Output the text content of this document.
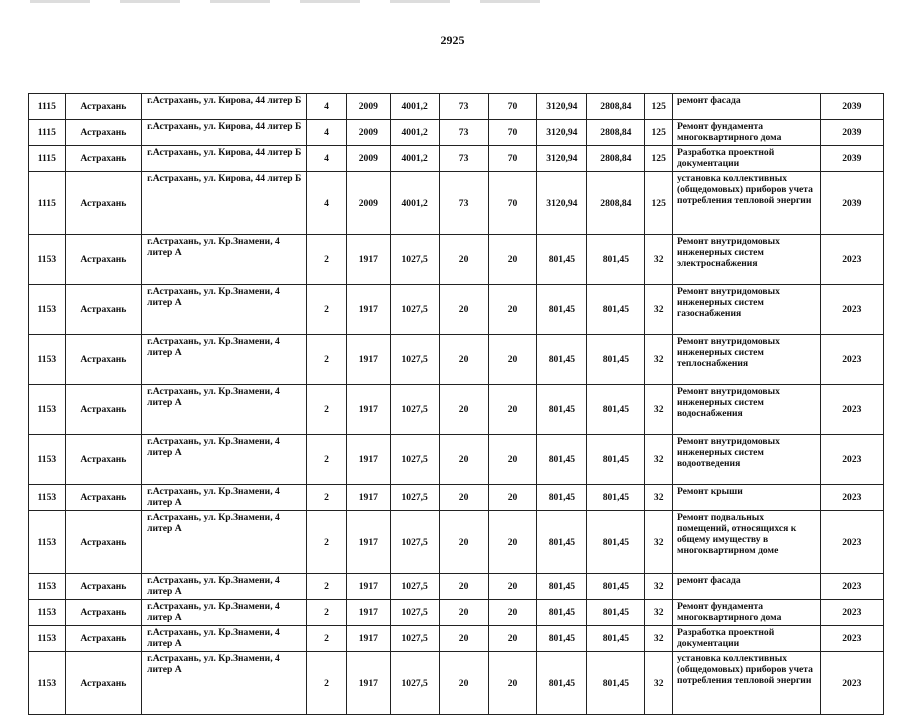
2925
1115	Астрахань	г.Астрахань, ул. Кирова, 44 литер Б	4	2009	4001,2	73	70	3120,94	2808,84	125	ремонт фасада	2039
1115	Астрахань	г.Астрахань, ул. Кирова, 44 литер Б	4	2009	4001,2	73	70	3120,94	2808,84	125	Ремонт фундамента многоквартирного дома	2039
1115	Астрахань	г.Астрахань, ул. Кирова, 44 литер Б	4	2009	4001,2	73	70	3120,94	2808,84	125	Разработка проектной документации	2039
1115	Астрахань	г.Астрахань, ул. Кирова, 44 литер Б	4	2009	4001,2	73	70	3120,94	2808,84	125	установка коллективных (общедомовых) приборов учета потребления тепловой энергии	2039
1153	Астрахань	г.Астрахань, ул. Кр.Знамени, 4 литер А	2	1917	1027,5	20	20	801,45	801,45	32	Ремонт внутридомовых инженерных систем электроснабжения	2023
1153	Астрахань	г.Астрахань, ул. Кр.Знамени, 4 литер А	2	1917	1027,5	20	20	801,45	801,45	32	Ремонт внутридомовых инженерных систем газоснабжения	2023
1153	Астрахань	г.Астрахань, ул. Кр.Знамени, 4 литер А	2	1917	1027,5	20	20	801,45	801,45	32	Ремонт внутридомовых инженерных систем теплоснабжения	2023
1153	Астрахань	г.Астрахань, ул. Кр.Знамени, 4 литер А	2	1917	1027,5	20	20	801,45	801,45	32	Ремонт внутридомовых инженерных систем водоснабжения	2023
1153	Астрахань	г.Астрахань, ул. Кр.Знамени, 4 литер А	2	1917	1027,5	20	20	801,45	801,45	32	Ремонт внутридомовых инженерных систем водоотведения	2023
1153	Астрахань	г.Астрахань, ул. Кр.Знамени, 4 литер А	2	1917	1027,5	20	20	801,45	801,45	32	Ремонт крыши	2023
1153	Астрахань	г.Астрахань, ул. Кр.Знамени, 4 литер А	2	1917	1027,5	20	20	801,45	801,45	32	Ремонт подвальных помещений, относящихся к общему имуществу в многоквартирном доме	2023
1153	Астрахань	г.Астрахань, ул. Кр.Знамени, 4 литер А	2	1917	1027,5	20	20	801,45	801,45	32	ремонт фасада	2023
1153	Астрахань	г.Астрахань, ул. Кр.Знамени, 4 литер А	2	1917	1027,5	20	20	801,45	801,45	32	Ремонт фундамента многоквартирного дома	2023
1153	Астрахань	г.Астрахань, ул. Кр.Знамени, 4 литер А	2	1917	1027,5	20	20	801,45	801,45	32	Разработка проектной документации	2023
1153	Астрахань	г.Астрахань, ул. Кр.Знамени, 4 литер А	2	1917	1027,5	20	20	801,45	801,45	32	установка коллективных (общедомовых) приборов учета потребления тепловой энергии	2023
